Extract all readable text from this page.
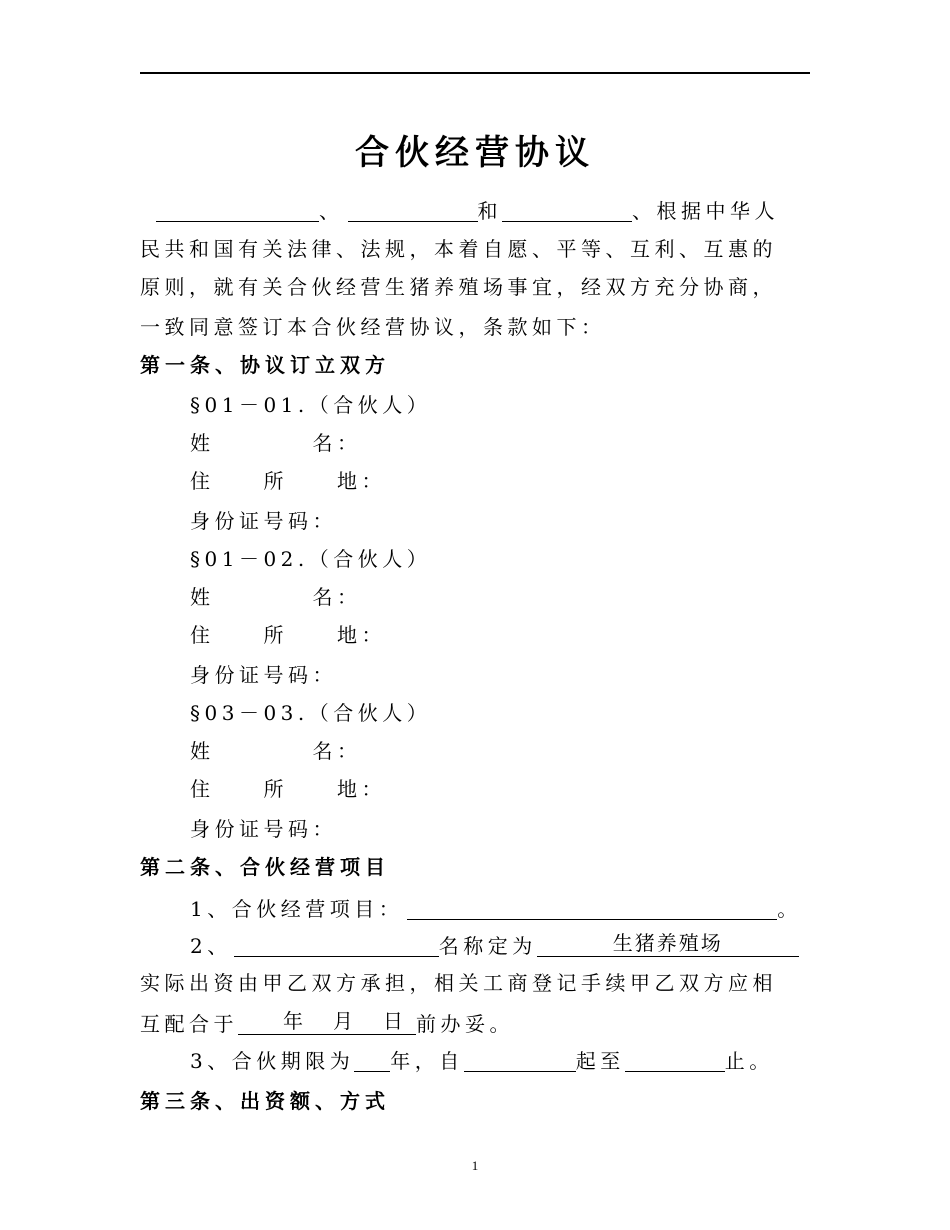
合伙经营协议
、	和	、根据中华人
民共和国有关法律、法规，本着自愿、平等、互利、互惠的
原则，就有关合伙经营生猪养殖场事宜，经双方充分协商，
一致同意签订本合伙经营协议，条款如下：
第一条、协议订立双方
§01－01.（合伙人）
姓　　　　名：
住　　所　　地：
身份证号码：
§01－02.（合伙人）
姓　　　　名：
住　　所　　地：
身份证号码：
§03－03.（合伙人）
姓　　　　名：
住　　所　　地：
身份证号码：
第二条、合伙经营项目
1、合伙经营项目：	。
2、	名称定为	生猪养殖场
实际出资由甲乙双方承担，相关工商登记手续甲乙双方应相
互配合于 年 月 日 前办妥。
3、合伙期限为 年，自	起至	止。
第三条、出资额、方式
1
